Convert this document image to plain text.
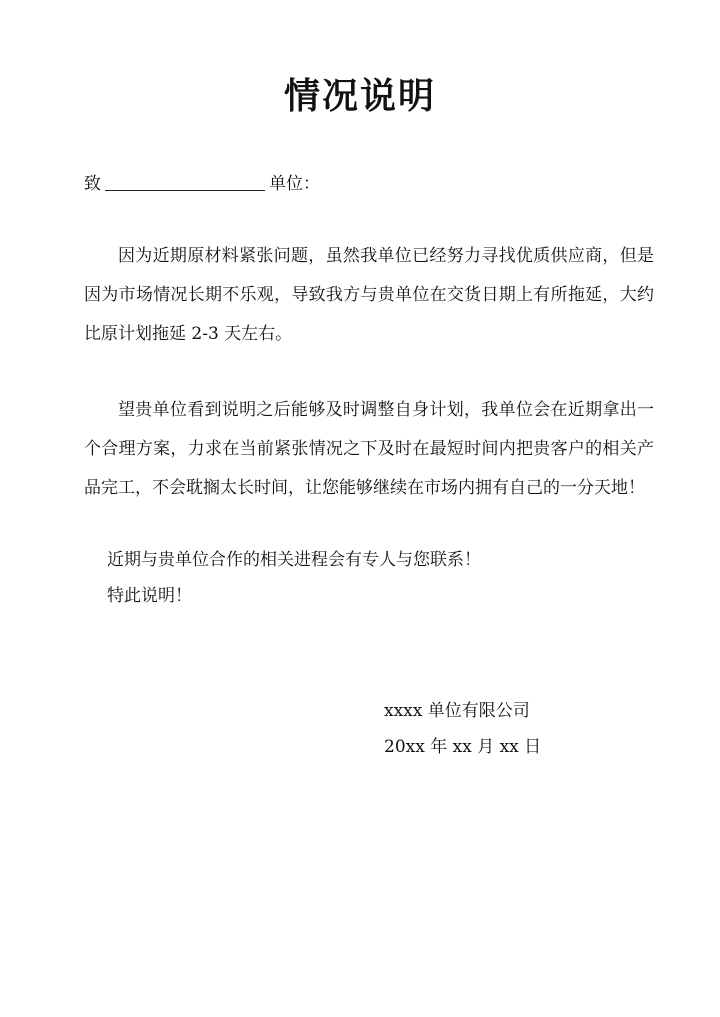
情况说明
致	单位：

因为近期原材料紧张问题，虽然我单位已经努力寻找优质供应商，但是因为市场情况长期不乐观，导致我方与贵单位在交货日期上有所拖延，大约比原计划拖延 2-3 天左右。

望贵单位看到说明之后能够及时调整自身计划，我单位会在近期拿出一个合理方案，力求在当前紧张情况之下及时在最短时间内把贵客户的相关产品完工，不会耽搁太长时间，让您能够继续在市场内拥有自己的一分天地！

近期与贵单位合作的相关进程会有专人与您联系！
特此说明！
xxxx 单位有限公司
20xx 年 xx 月 xx 日
